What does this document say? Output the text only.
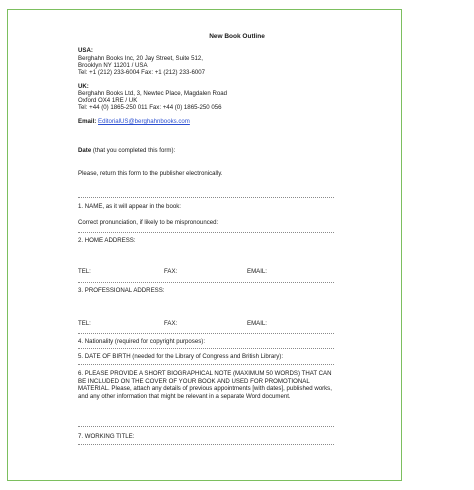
New Book Outline
USA:
Berghahn Books Inc, 20 Jay Street, Suite 512,
Brooklyn NY 11201 / USA
Tel: +1 (212) 233-6004 Fax: +1 (212) 233-6007
UK:
Berghahn Books Ltd, 3, Newtec Place, Magdalen Road
Oxford OX4 1RE / UK
Tel: +44 (0) 1865-250 011 Fax: +44 (0) 1865-250 056
Email: EditorialUS@berghahnbooks.com
Date (that you completed this form):
Please, return this form to the publisher electronically.
1. NAME, as it will appear in the book:
Correct pronunciation, if likely to be mispronounced:
2. HOME ADDRESS:
TEL:	FAX:	EMAIL:
3. PROFESSIONAL ADDRESS:
TEL:	FAX:	EMAIL:
4. Nationality (required for copyright purposes):
5. DATE OF BIRTH (needed for the Library of Congress and British Library):
6. PLEASE PROVIDE A SHORT BIOGRAPHICAL NOTE (MAXIMUM 50 WORDS) THAT CAN BE INCLUDED ON THE COVER OF YOUR BOOK AND USED FOR PROMOTIONAL MATERIAL. Please, attach any details of previous appointments [with dates], published works, and any other information that might be relevant in a separate Word document.
7. WORKING TITLE:
